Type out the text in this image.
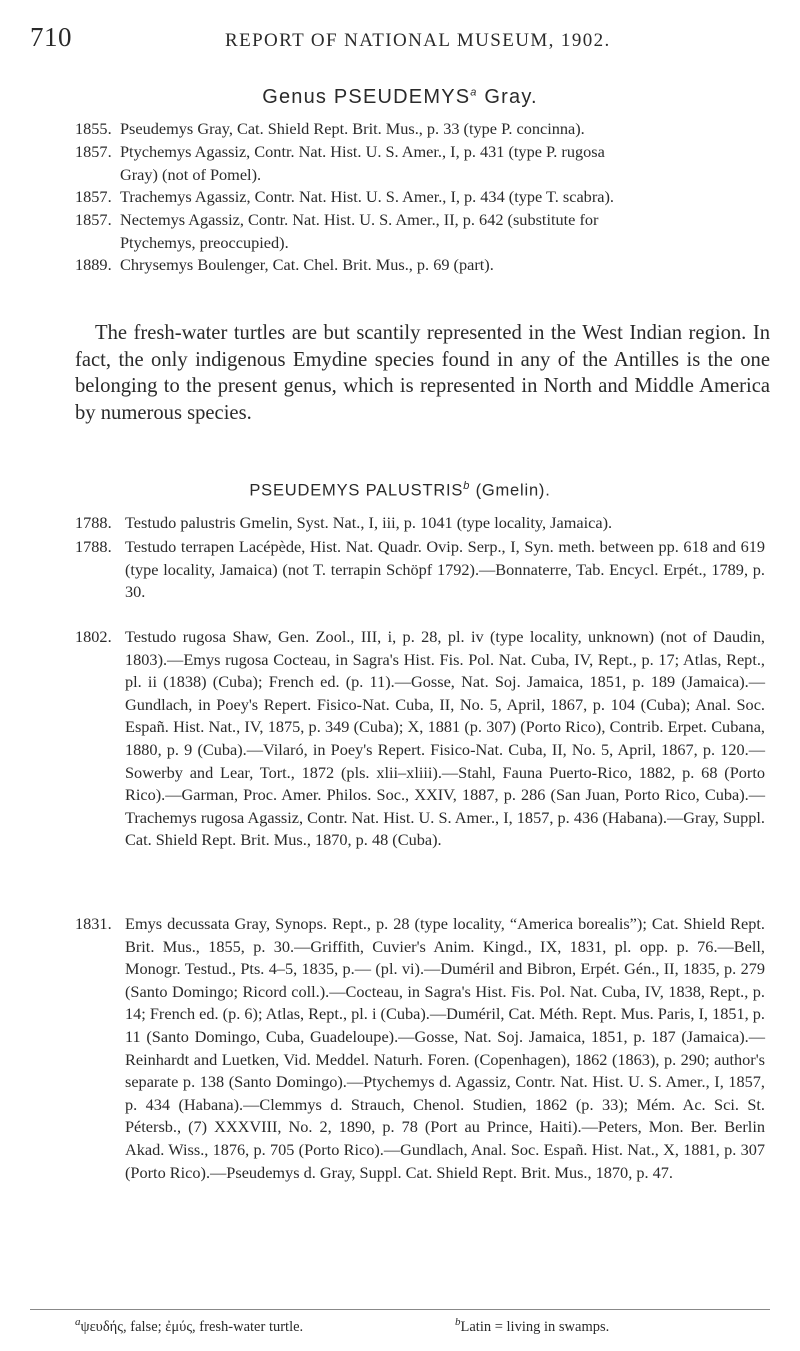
710	REPORT OF NATIONAL MUSEUM, 1902.
Genus PSEUDEMYS$^a$ Gray.
1855. Pseudemys Gray, Cat. Shield Rept. Brit. Mus., p. 33 (type P. concinna).
1857. Ptychemys Agassiz, Contr. Nat. Hist. U. S. Amer., I, p. 431 (type P. rugosa
Gray) (not of Pomel).
1857. Trachemys Agassiz, Contr. Nat. Hist. U. S. Amer., I, p. 434 (type T. scabra).
1857. Nectemys Agassiz, Contr. Nat. Hist. U. S. Amer., II, p. 642 (substitute for
Ptychemys, preoccupied).
1889. Chrysemys Boulenger, Cat. Chel. Brit. Mus., p. 69 (part).

The fresh-water turtles are but scantily represented in the West Indian region. In fact, the only indigenous Emydine species found in any of the Antilles is the one belonging to the present genus, which is represented in North and Middle America by numerous species.

PSEUDEMYS PALUSTRIS$^b$ (Gmelin).
1788. Testudo palustris Gmelin, Syst. Nat., I, iii, p. 1041 (type locality, Jamaica).
1788. Testudo terrapen Lacépède, Hist. Nat. Quadr. Ovip. Serp., I, Syn. meth. between pp. 618 and 619 (type locality, Jamaica) (not T. terrapin Schöpf 1792).—Bonnaterre, Tab. Encycl. Erpét., 1789, p. 30.
1802. Testudo rugosa Shaw, Gen. Zool., III, i, p. 28, pl. iv (type locality, unknown) (not of Daudin, 1803).—Emys rugosa Cocteau, in Sagra's Hist. Fis. Pol. Nat. Cuba, IV, Rept., p. 17; Atlas, Rept., pl. ii (1838) (Cuba); French ed. (p. 11).—Gosse, Nat. Soj. Jamaica, 1851, p. 189 (Jamaica).—Gundlach, in Poey's Repert. Fisico-Nat. Cuba, II, No. 5, April, 1867, p. 104 (Cuba); Anal. Soc. Españ. Hist. Nat., IV, 1875, p. 349 (Cuba); X, 1881 (p. 307) (Porto Rico), Contrib. Erpet. Cubana, 1880, p. 9 (Cuba).—Vilaró, in Poey's Repert. Fisico-Nat. Cuba, II, No. 5, April, 1867, p. 120.—Sowerby and Lear, Tort., 1872 (pls. xlii–xliii).—Stahl, Fauna Puerto-Rico, 1882, p. 68 (Porto Rico).—Garman, Proc. Amer. Philos. Soc., XXIV, 1887, p. 286 (San Juan, Porto Rico, Cuba).—Trachemys rugosa Agassiz, Contr. Nat. Hist. U. S. Amer., I, 1857, p. 436 (Habana).—Gray, Suppl. Cat. Shield Rept. Brit. Mus., 1870, p. 48 (Cuba).
1831. Emys decussata Gray, Synops. Rept., p. 28 (type locality, “America borealis”); Cat. Shield Rept. Brit. Mus., 1855, p. 30.—Griffith, Cuvier's Anim. Kingd., IX, 1831, pl. opp. p. 76.—Bell, Monogr. Testud., Pts. 4–5, 1835, p.— (pl. vi).—Duméril and Bibron, Erpét. Gén., II, 1835, p. 279 (Santo Domingo; Ricord coll.).—Cocteau, in Sagra's Hist. Fis. Pol. Nat. Cuba, IV, 1838, Rept., p. 14; French ed. (p. 6); Atlas, Rept., pl. i (Cuba).—Duméril, Cat. Méth. Rept. Mus. Paris, I, 1851, p. 11 (Santo Domingo, Cuba, Guadeloupe).—Gosse, Nat. Soj. Jamaica, 1851, p. 187 (Jamaica).—Reinhardt and Luetken, Vid. Meddel. Naturh. Foren. (Copenhagen), 1862 (1863), p. 290; author's separate p. 138 (Santo Domingo).—Ptychemys d. Agassiz, Contr. Nat. Hist. U. S. Amer., I, 1857, p. 434 (Habana).—Clemmys d. Strauch, Chenol. Studien, 1862 (p. 33); Mém. Ac. Sci. St. Pétersb., (7) XXXVIII, No. 2, 1890, p. 78 (Port au Prince, Haiti).—Peters, Mon. Ber. Berlin Akad. Wiss., 1876, p. 705 (Porto Rico).—Gundlach, Anal. Soc. Españ. Hist. Nat., X, 1881, p. 307 (Porto Rico).—Pseudemys d. Gray, Suppl. Cat. Shield Rept. Brit. Mus., 1870, p. 47.
$^a$ψευδής, false; ἐμύς, fresh-water turtle.	$^b$Latin = living in swamps.
